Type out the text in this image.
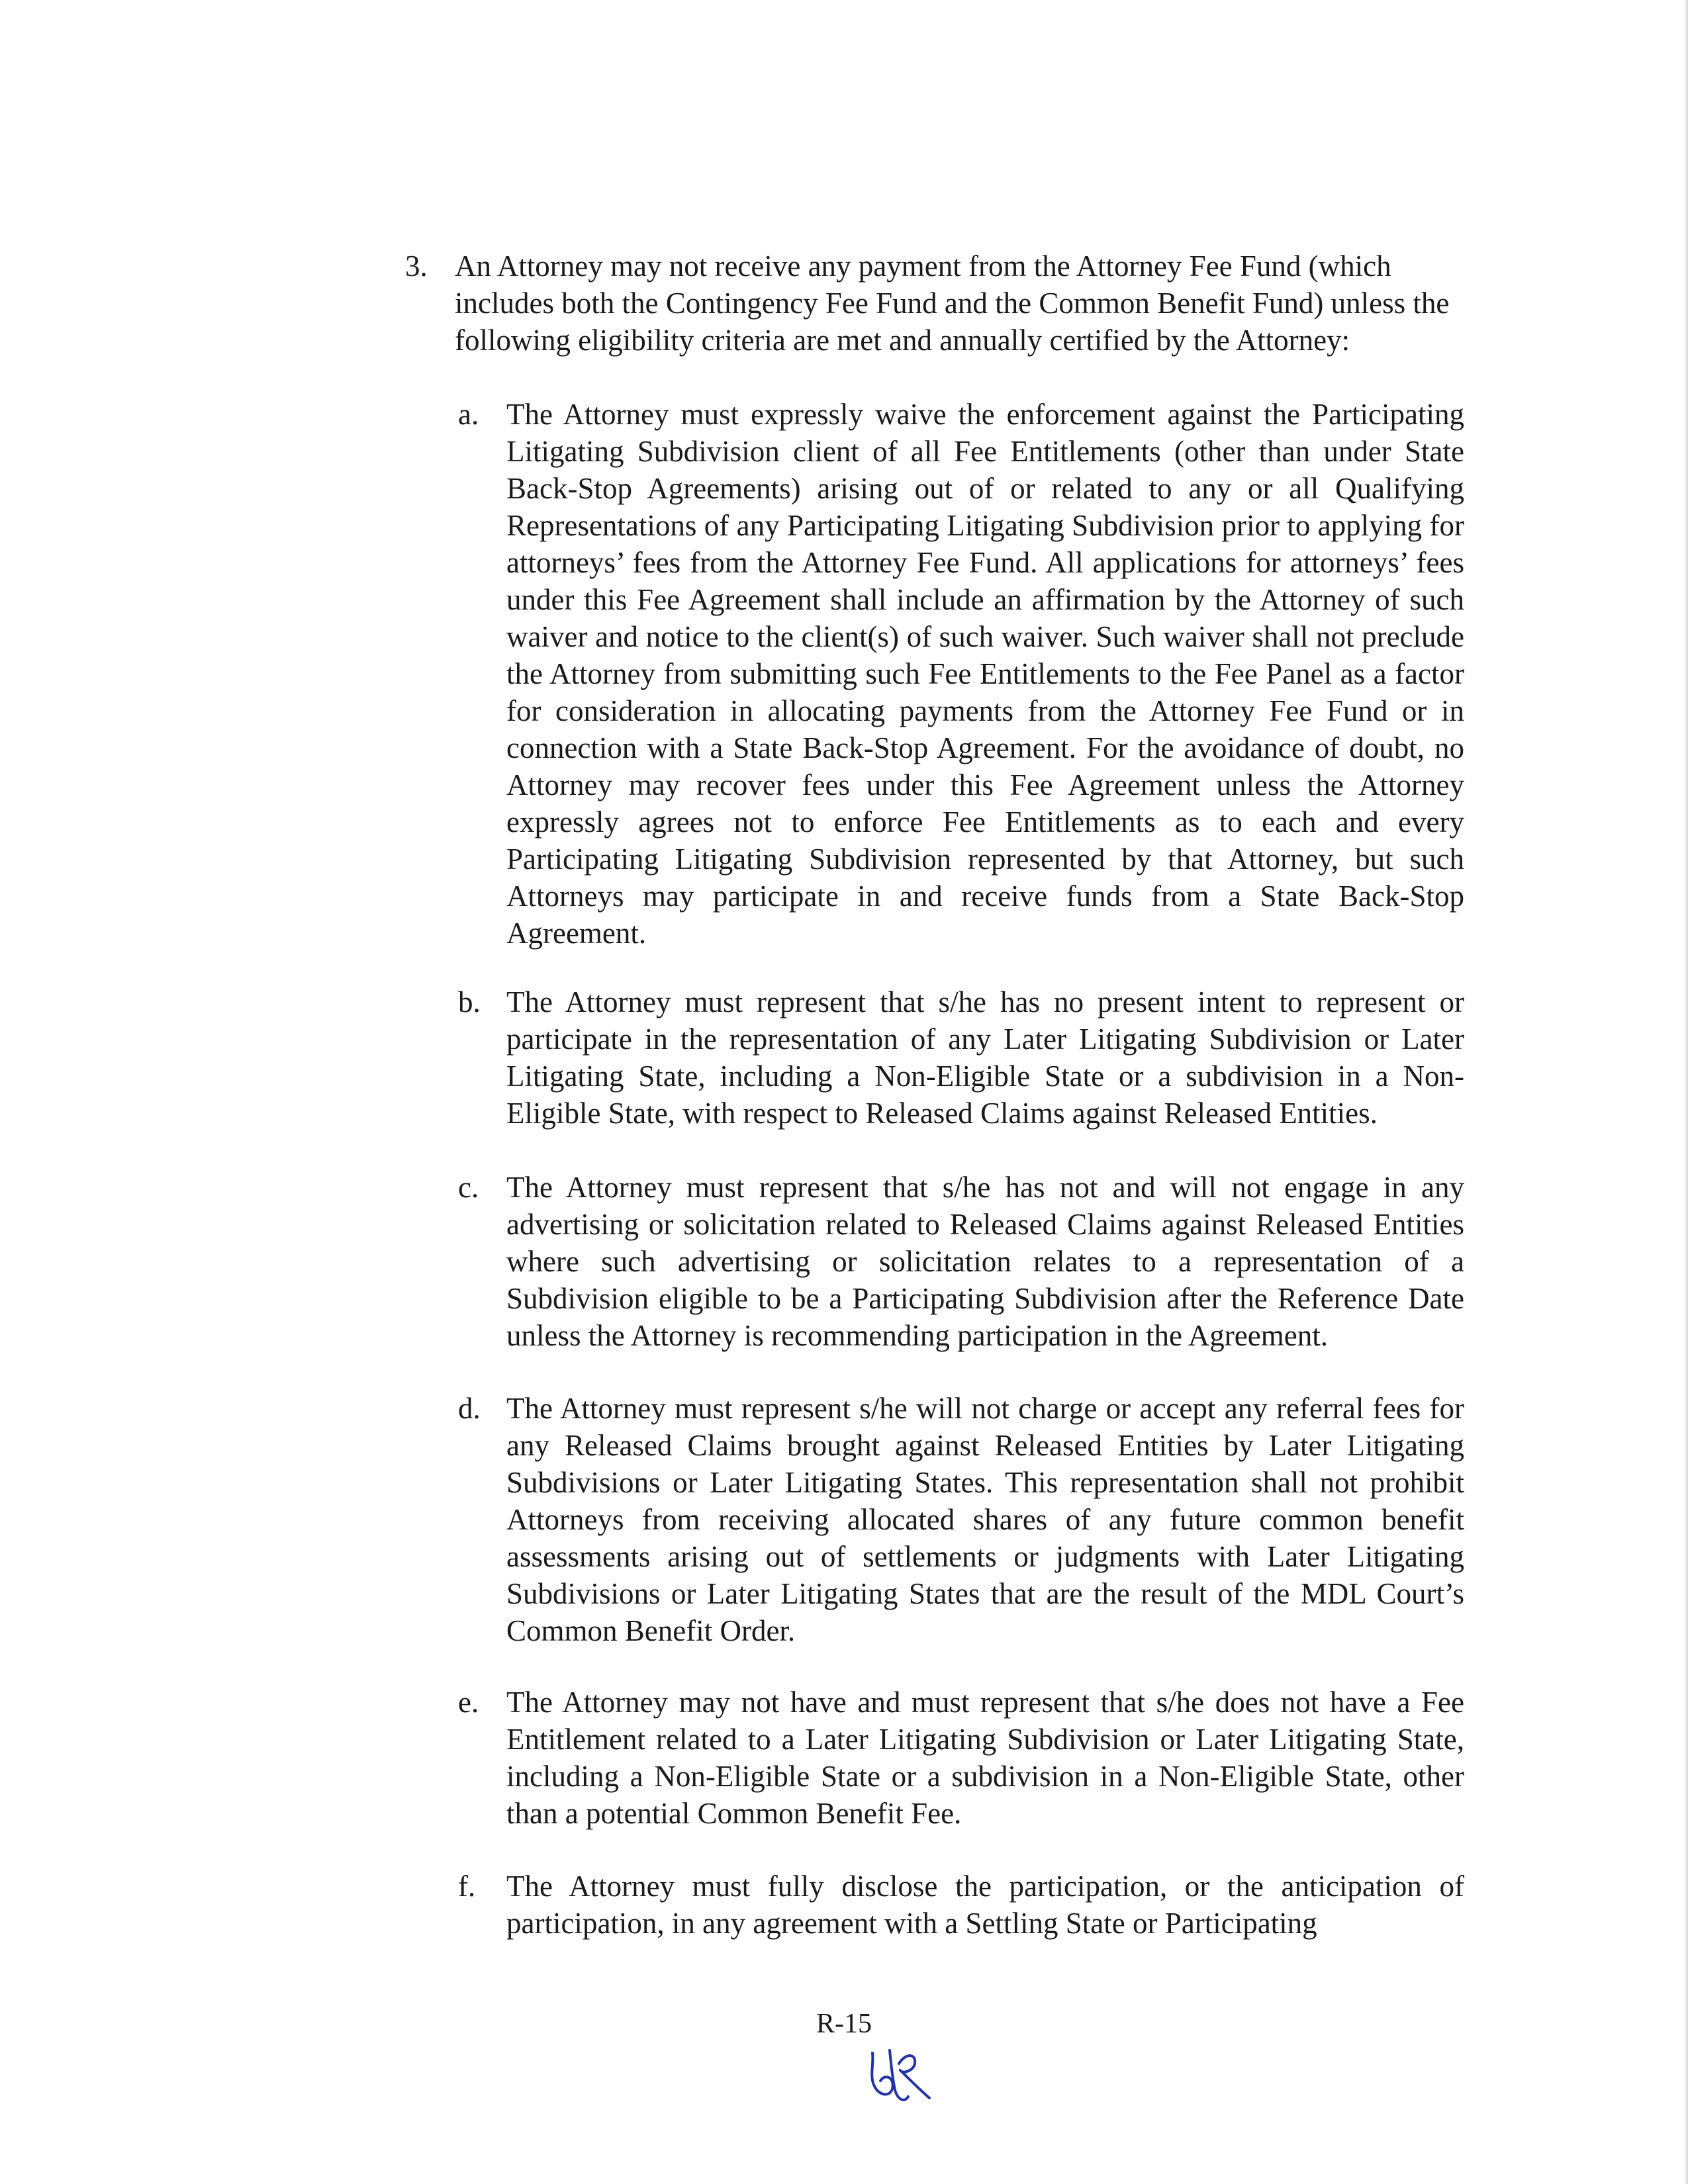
3. An Attorney may not receive any payment from the Attorney Fee Fund (which includes both the Contingency Fee Fund and the Common Benefit Fund) unless the following eligibility criteria are met and annually certified by the Attorney:
a. The Attorney must expressly waive the enforcement against the Participating Litigating Subdivision client of all Fee Entitlements (other than under State Back-Stop Agreements) arising out of or related to any or all Qualifying Representations of any Participating Litigating Subdivision prior to applying for attorneys’ fees from the Attorney Fee Fund. All applications for attorneys’ fees under this Fee Agreement shall include an affirmation by the Attorney of such waiver and notice to the client(s) of such waiver. Such waiver shall not preclude the Attorney from submitting such Fee Entitlements to the Fee Panel as a factor for consideration in allocating payments from the Attorney Fee Fund or in connection with a State Back-Stop Agreement. For the avoidance of doubt, no Attorney may recover fees under this Fee Agreement unless the Attorney expressly agrees not to enforce Fee Entitlements as to each and every Participating Litigating Subdivision represented by that Attorney, but such Attorneys may participate in and receive funds from a State Back-Stop Agreement.
b. The Attorney must represent that s/he has no present intent to represent or participate in the representation of any Later Litigating Subdivision or Later Litigating State, including a Non-Eligible State or a subdivision in a Non-Eligible State, with respect to Released Claims against Released Entities.
c. The Attorney must represent that s/he has not and will not engage in any advertising or solicitation related to Released Claims against Released Entities where such advertising or solicitation relates to a representation of a Subdivision eligible to be a Participating Subdivision after the Reference Date unless the Attorney is recommending participation in the Agreement.
d. The Attorney must represent s/he will not charge or accept any referral fees for any Released Claims brought against Released Entities by Later Litigating Subdivisions or Later Litigating States. This representation shall not prohibit Attorneys from receiving allocated shares of any future common benefit assessments arising out of settlements or judgments with Later Litigating Subdivisions or Later Litigating States that are the result of the MDL Court’s Common Benefit Order.
e. The Attorney may not have and must represent that s/he does not have a Fee Entitlement related to a Later Litigating Subdivision or Later Litigating State, including a Non-Eligible State or a subdivision in a Non-Eligible State, other than a potential Common Benefit Fee.
f. The Attorney must fully disclose the participation, or the anticipation of participation, in any agreement with a Settling State or Participating
R-15
